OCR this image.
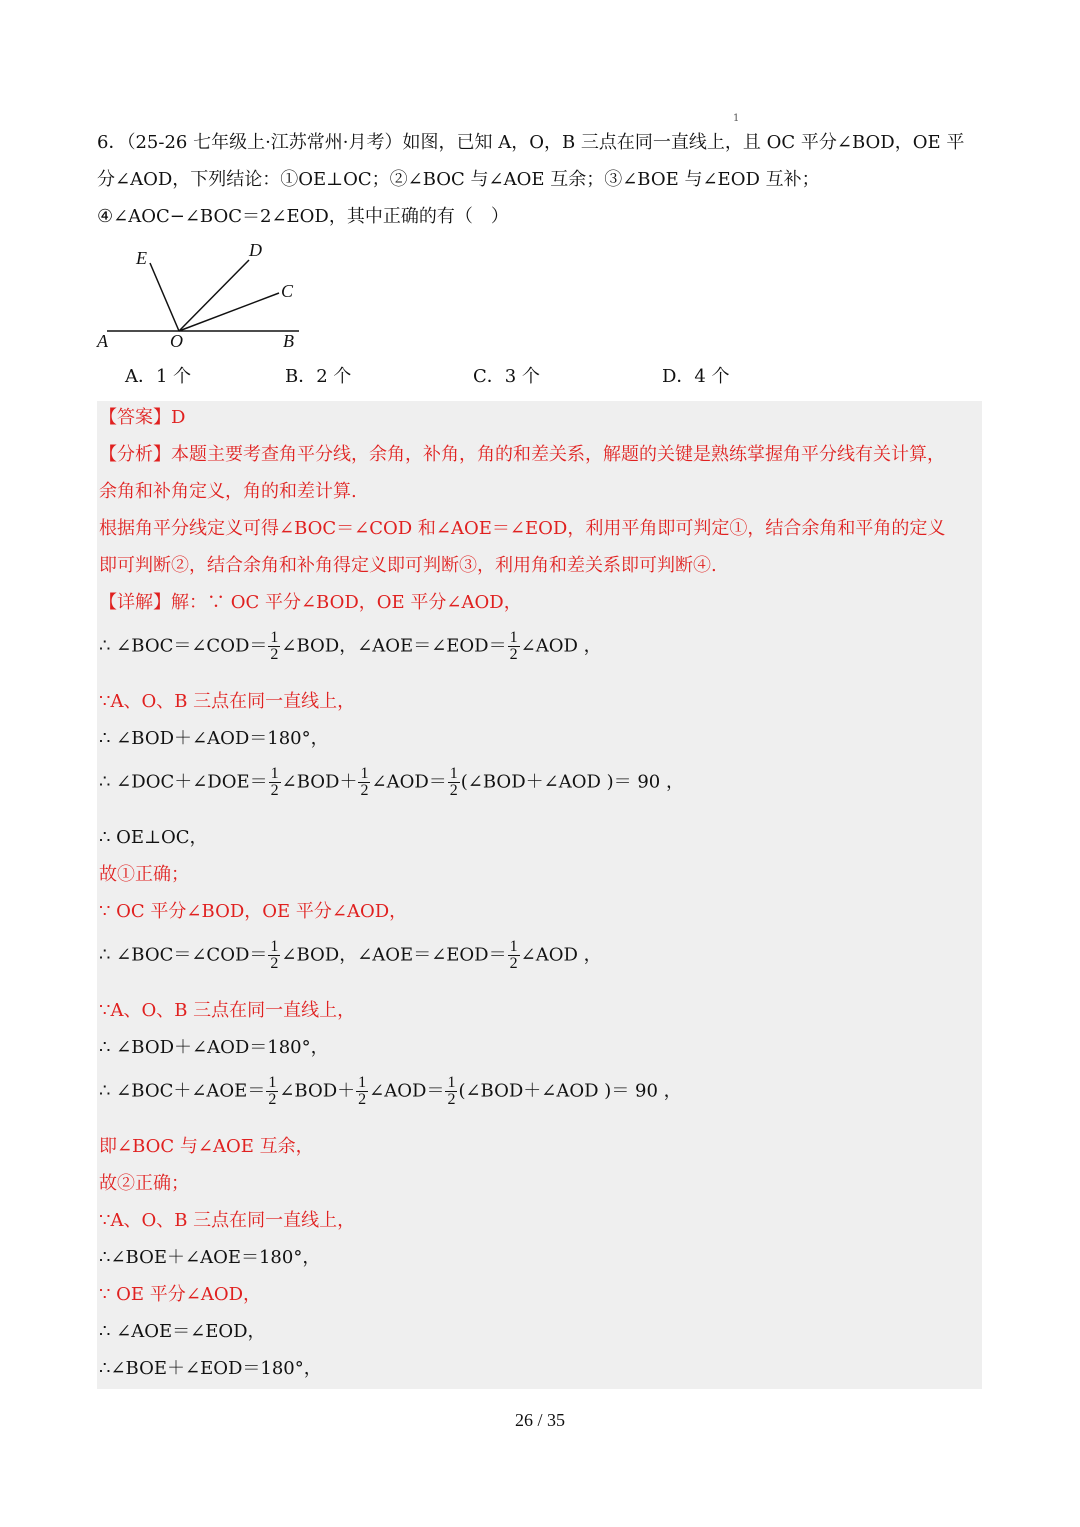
1
6．（25-26 七年级上·江苏常州·月考）如图，已知 A，O，B 三点在同一直线上，且 OC 平分∠BOD，OE 平
分∠AOD，下列结论：①OE⊥OC；②∠BOC 与∠AOE 互余；③∠BOE 与∠EOD 互补；
④∠AOC−∠BOC＝2∠EOD，其中正确的有（　）
E	D
C
A	O	B
A．1 个	B．2 个	C．3 个	D．4 个
【答案】D
【分析】本题主要考查角平分线，余角，补角，角的和差关系，解题的关键是熟练掌握角平分线有关计算，
余角和补角定义，角的和差计算.
根据角平分线定义可得∠BOC＝∠COD 和∠AOE＝∠EOD，利用平角即可判定①，结合余角和平角的定义
即可判断②，结合余角和补角得定义即可判断③，利用角和差关系即可判断④.
【详解】解：∵ OC 平分∠BOD，OE 平分∠AOD，
∴ ∠BOC＝∠COD＝ $\frac{1}{2}$ ∠BOD，∠AOE＝∠EOD＝ $\frac{1}{2}$ ∠AOD ，
∵A、O、B 三点在同一直线上，
∴ ∠BOD＋∠AOD＝180°，
∴ ∠DOC＋∠DOE＝ $\frac{1}{2}$ ∠BOD＋ $\frac{1}{2}$ ∠AOD＝ $\frac{1}{2}$ (∠BOD＋∠AOD )＝ 90 ，
∴ OE⊥OC，
故①正确；
∵ OC 平分∠BOD，OE 平分∠AOD，
∴ ∠BOC＝∠COD＝ $\frac{1}{2}$ ∠BOD，∠AOE＝∠EOD＝ $\frac{1}{2}$ ∠AOD ，
∵A、O、B 三点在同一直线上，
∴ ∠BOD＋∠AOD＝180°，
∴ ∠BOC＋∠AOE＝ $\frac{1}{2}$ ∠BOD＋ $\frac{1}{2}$ ∠AOD＝ $\frac{1}{2}$ (∠BOD＋∠AOD )＝ 90 ，
即∠BOC 与∠AOE 互余，
故②正确；
∵A、O、B 三点在同一直线上，
∴∠BOE＋∠AOE＝180°，
∵ OE 平分∠AOD，
∴ ∠AOE＝∠EOD，
∴∠BOE＋∠EOD＝180°，
26 / 35
